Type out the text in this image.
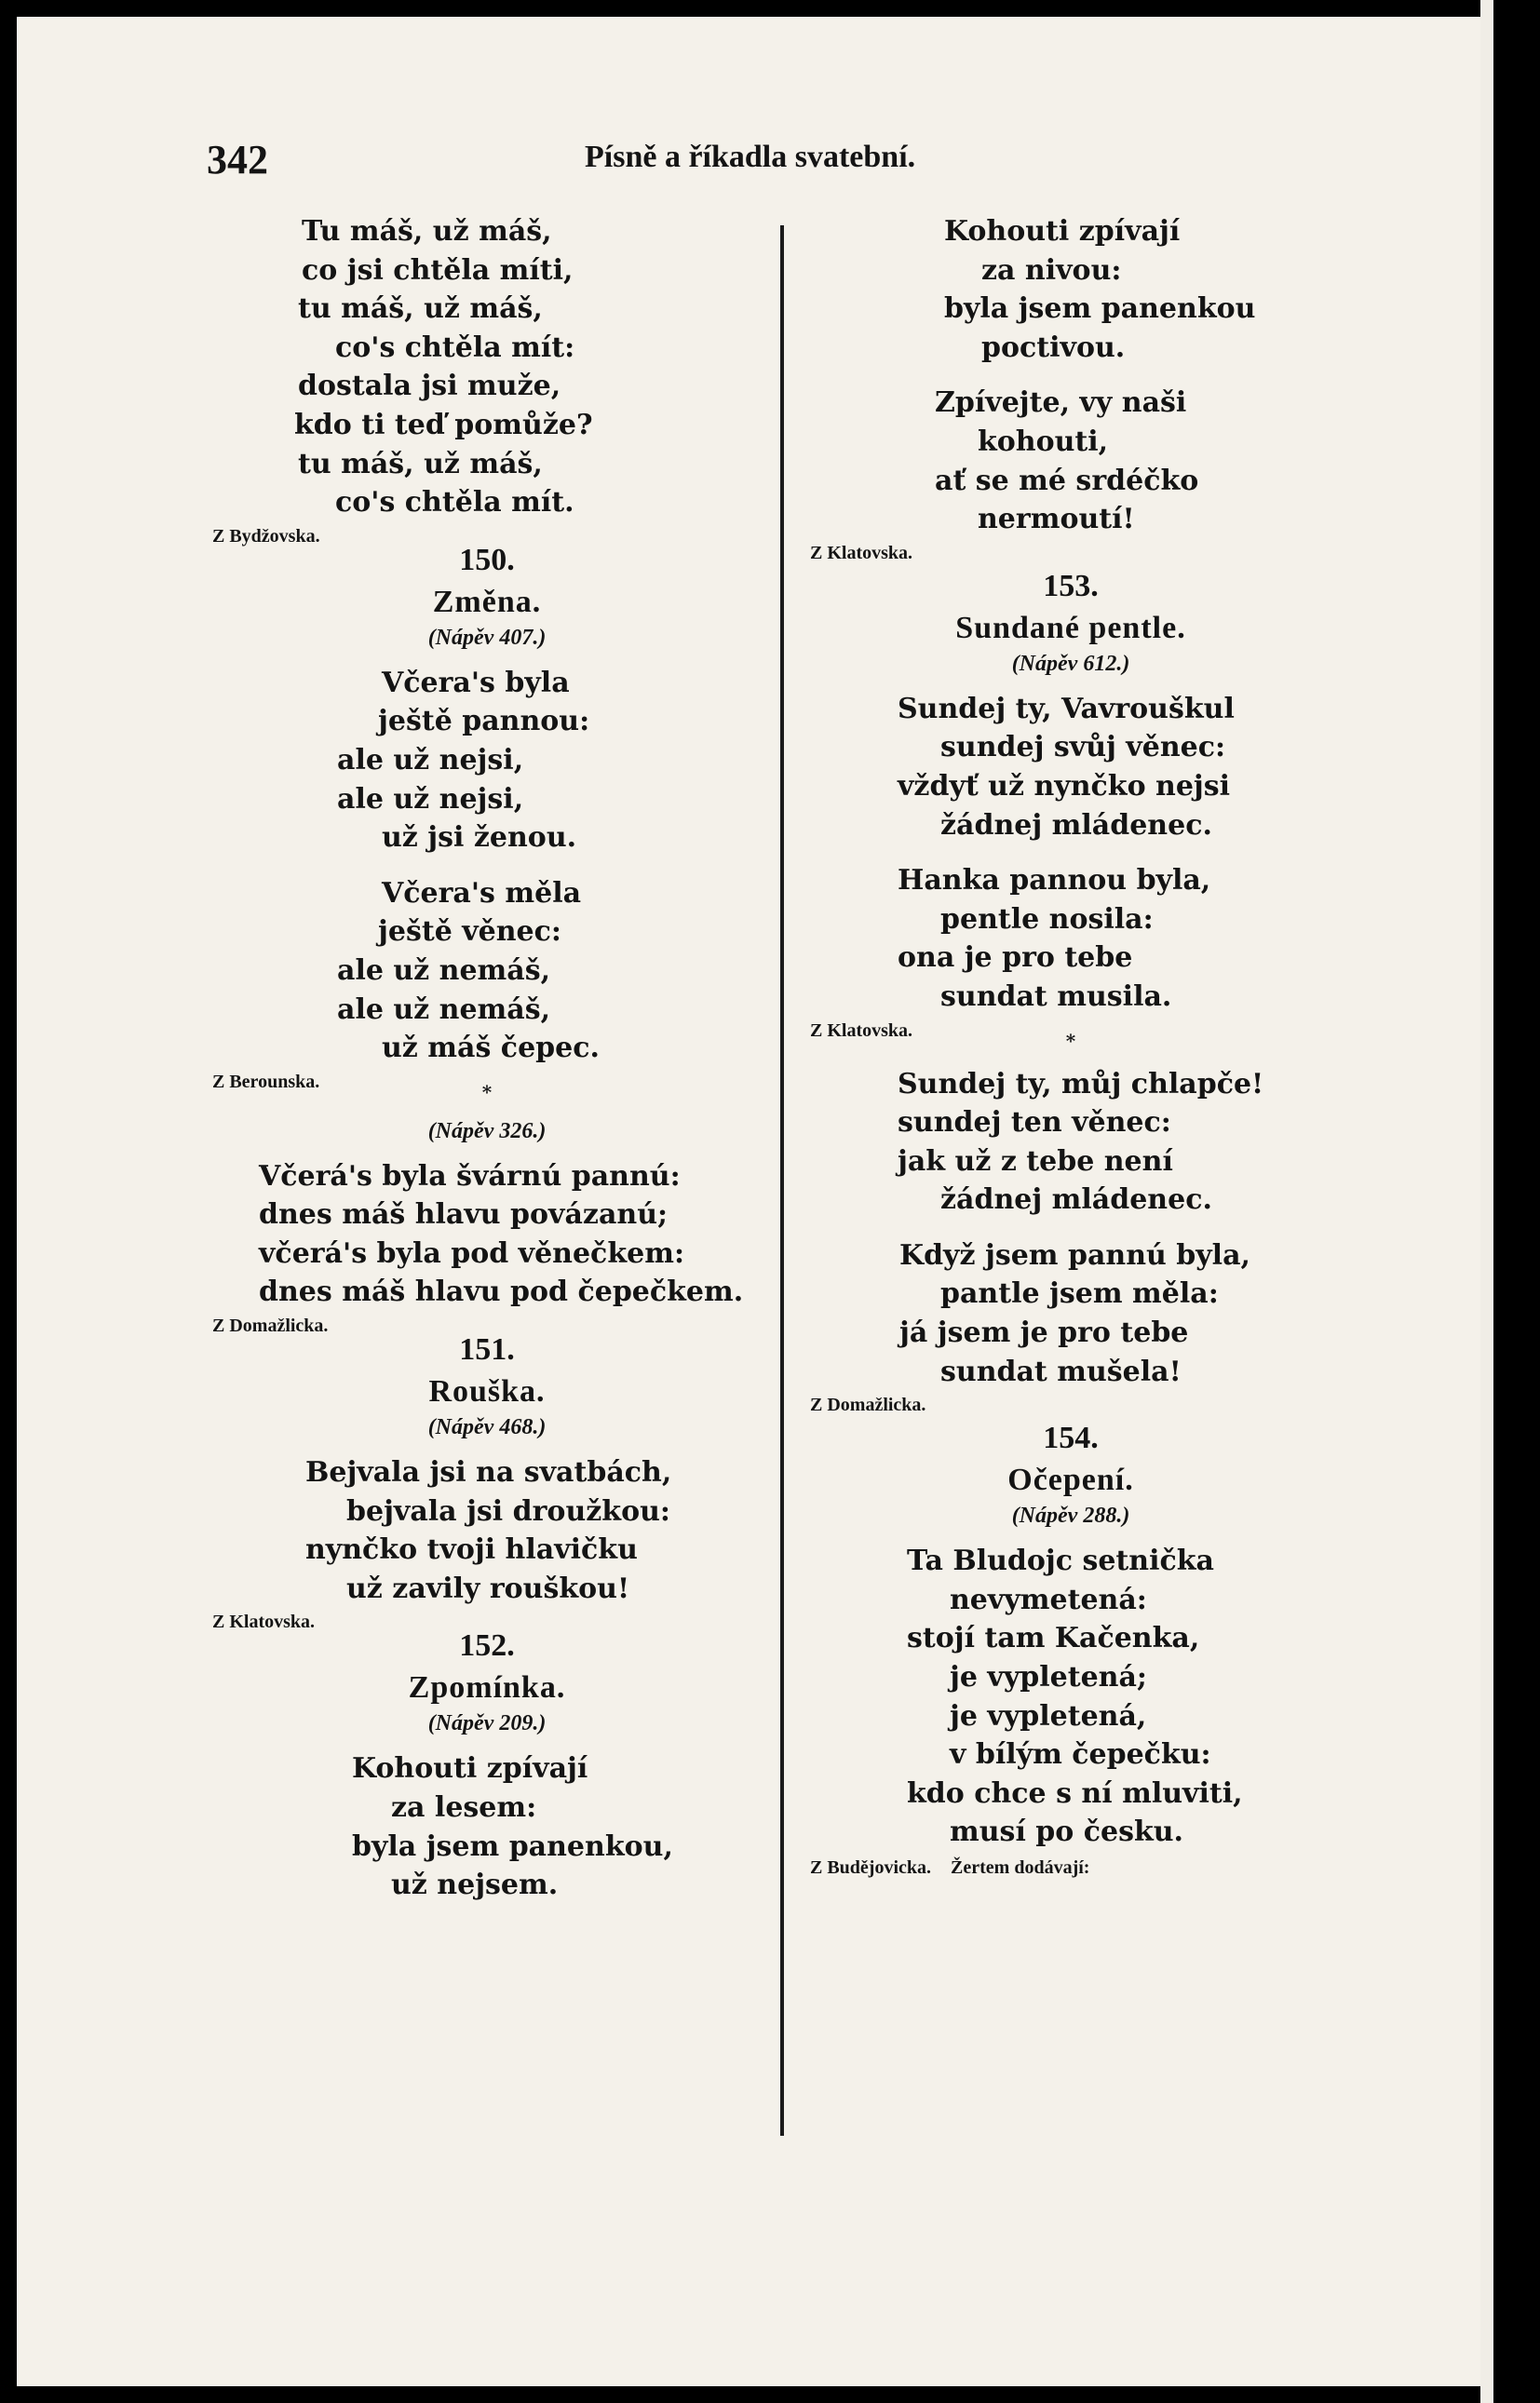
342	Písně a říkadla svatební.

Tu máš, už máš,

co jsi chtěla míti,

tu máš, už máš,

co's chtěla mít:

dostala jsi muže,

kdo ti teď pomůže?

tu máš, už máš,

co's chtěla mít.

Z Bydžovska.

150.

Změna.

(Nápěv 407.)

Včera's byla

ještě pannou:

ale už nejsi,

ale už nejsi,

už jsi ženou.

Včera's měla

ještě věnec:

ale už nemáš,

ale už nemáš,

už máš čepec.

Z Berounska.	*

(Nápěv 326.)

Včerá's byla švárnú pannú:

dnes máš hlavu povázanú;

včerá's byla pod věnečkem:

dnes máš hlavu pod čepečkem.

Z Domažlicka.

151.

Rouška.

(Nápěv 468.)

Bejvala jsi na svatbách,

bejvala jsi droužkou:

nynčko tvoji hlavičku

už zavily rouškou!

Z Klatovska.

152.

Zpomínka.

(Nápěv 209.)

Kohouti zpívají

za lesem:

byla jsem panenkou,

už nejsem.

Kohouti zpívají

za nivou:

byla jsem panenkou

poctivou.

Zpívejte, vy naši

kohouti,

ať se mé srdéčko

nermoutí!

Z Klatovska.

153.

Sundané pentle.

(Nápěv 612.)

Sundej ty, Vavrouškul

sundej svůj věnec:

vždyť už nynčko nejsi

žádnej mládenec.

Hanka pannou byla,

pentle nosila:

ona je pro tebe

sundat musila.

Z Klatovska.	*

Sundej ty, můj chlapče!

sundej ten věnec:

jak už z tebe není

žádnej mládenec.

Když jsem pannú byla,

pantle jsem měla:

já jsem je pro tebe

sundat mušela!

Z Domažlicka.

154.

Očepení.

(Nápěv 288.)

Ta Bludojc setnička

nevymetená:

stojí tam Kačenka,

je vypletená;

je vypletená,

v bílým čepečku:

kdo chce s ní mluviti,

musí po česku.

Z Budějovicka. Žertem dodávají:
